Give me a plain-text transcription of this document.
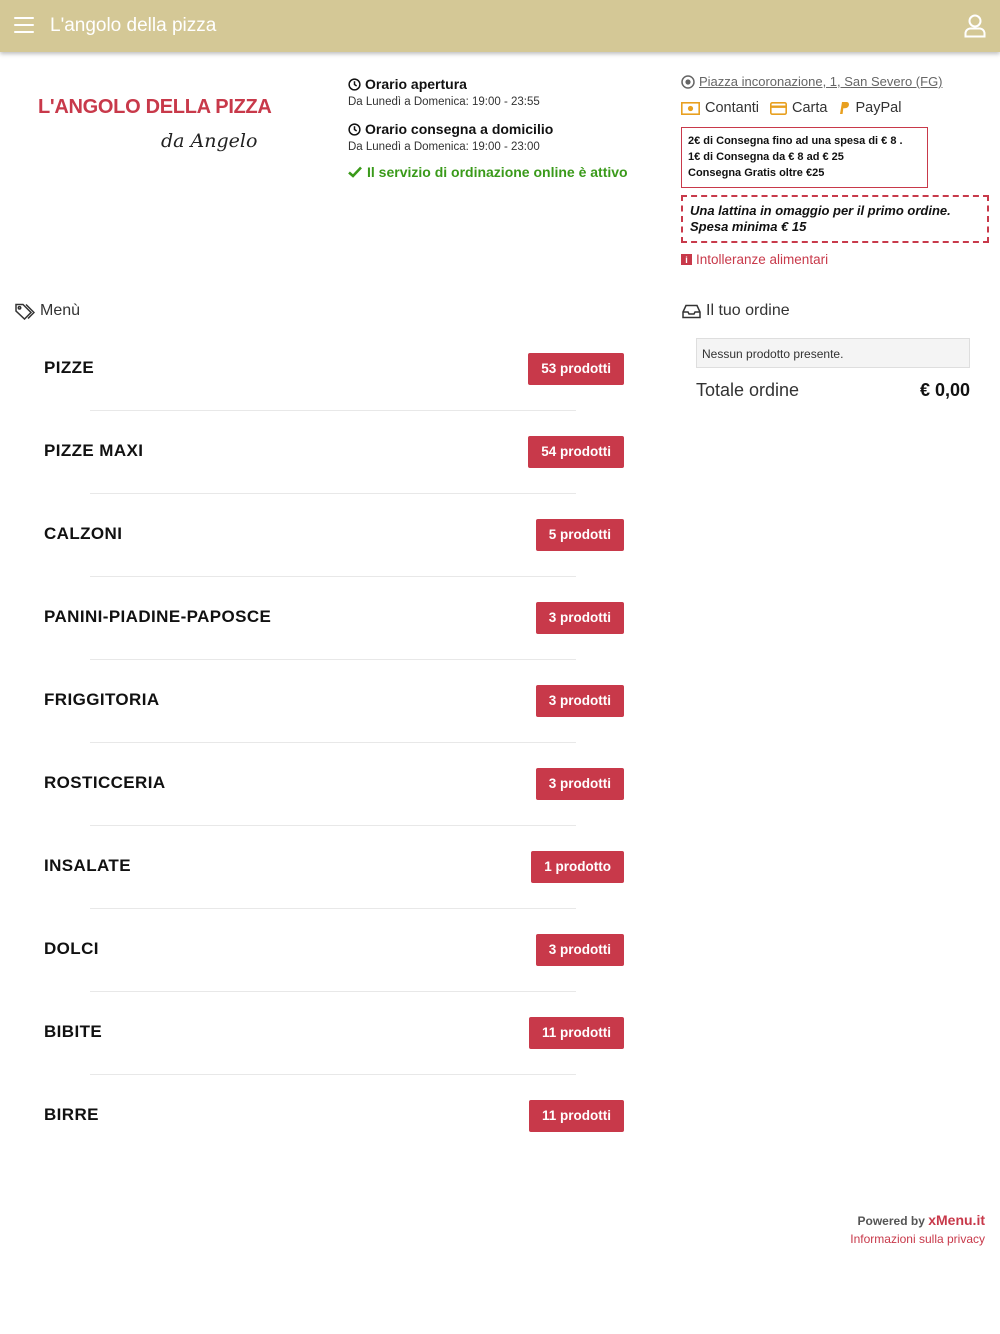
L'angolo della pizza
L'ANGOLO DELLA PIZZA
da Angelo
Orario apertura
Da Lunedì a Domenica: 19:00 - 23:55
Orario consegna a domicilio
Da Lunedì a Domenica: 19:00 - 23:00
Il servizio di ordinazione online è attivo
Piazza incoronazione, 1, San Severo (FG)
Contanti Carta PayPal
2€ di Consegna fino ad una spesa di € 8 .
1€ di Consegna da € 8 ad € 25
Consegna Gratis oltre €25
Una lattina in omaggio per il primo ordine.
Spesa minima € 15
i Intolleranze alimentari
Menù	Il tuo ordine
PIZZE	53 prodotti
PIZZE MAXI	54 prodotti
CALZONI	5 prodotti
PANINI-PIADINE-PAPOSCE	3 prodotti
FRIGGITORIA	3 prodotti
ROSTICCERIA	3 prodotti
INSALATE	1 prodotto
DOLCI	3 prodotti
BIBITE	11 prodotti
BIRRE	11 prodotti
Nessun prodotto presente.
Totale ordine	€ 0,00
Powered by xMenu.it
Informazioni sulla privacy
